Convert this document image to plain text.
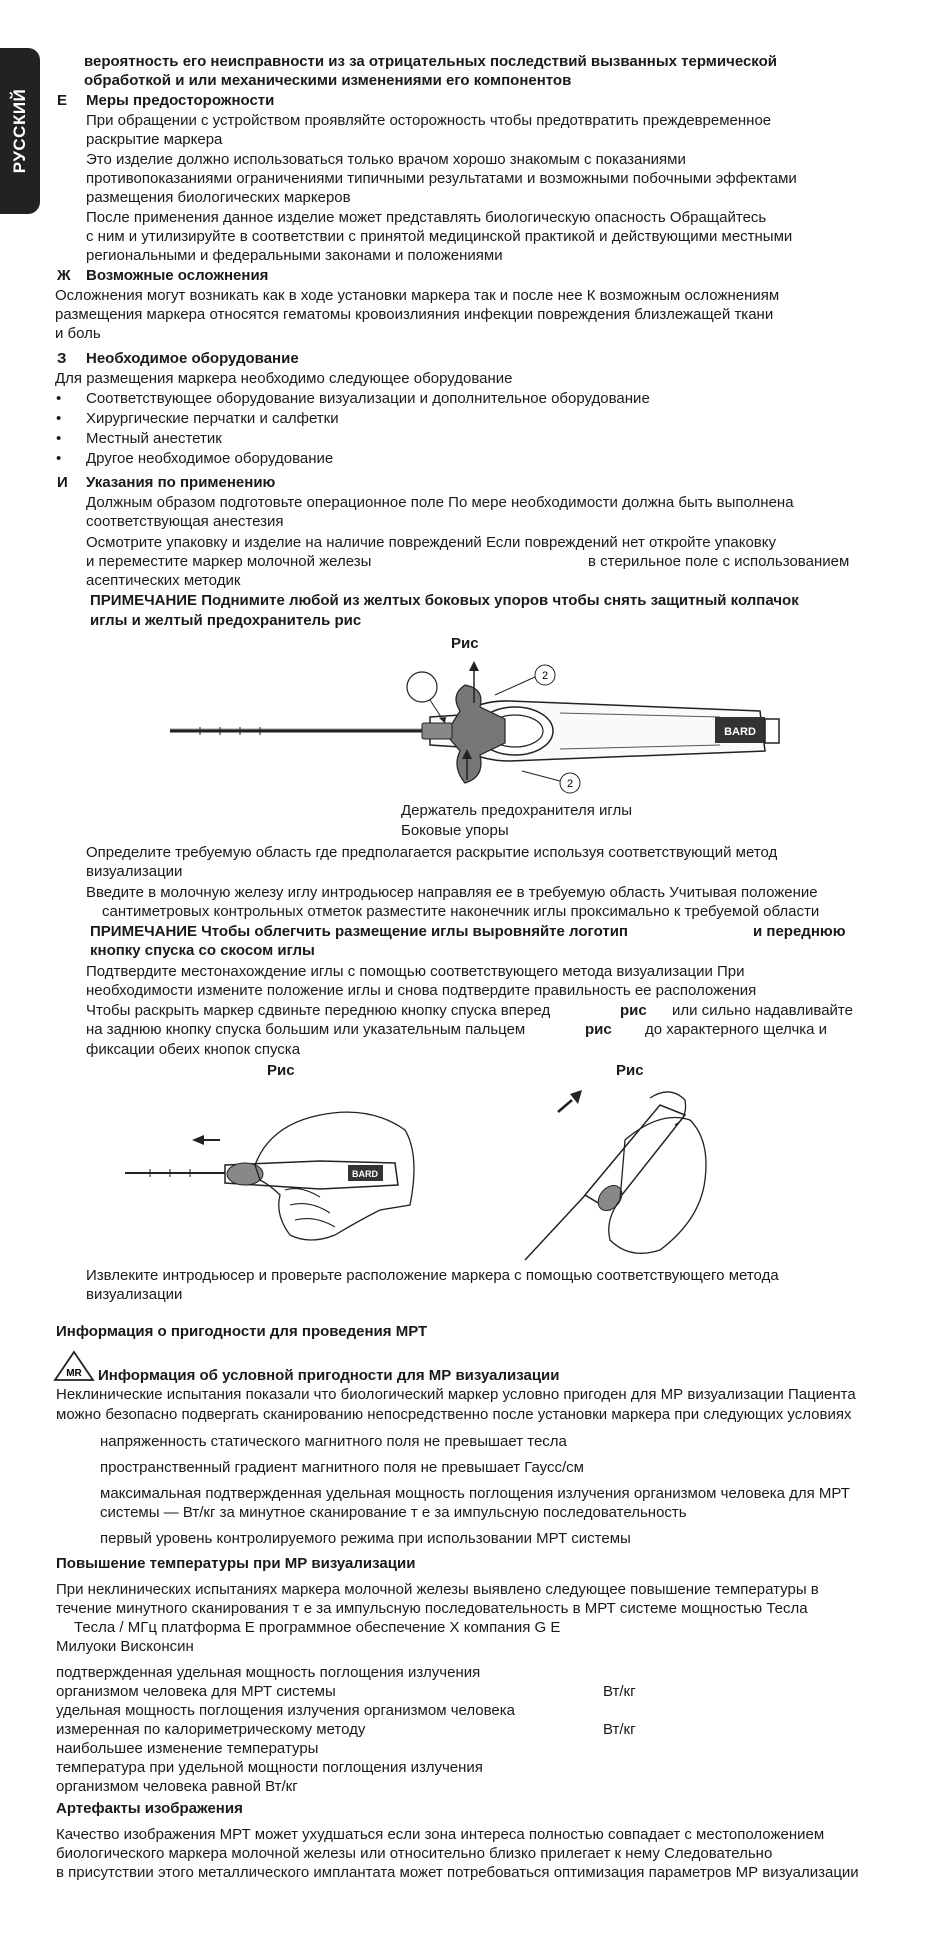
РУССКИЙ
вероятность его неисправности из за отрицательных последствий вызванных термической
обработкой и или механическими изменениями его компонентов
Е Меры предосторожности
При обращении с устройством проявляйте осторожность чтобы предотвратить преждевременное
раскрытие маркера
Это изделие должно использоваться только врачом хорошо знакомым с показаниями
противопоказаниями ограничениями типичными результатами и возможными побочными эффектами
размещения биологических маркеров
После применения данное изделие может представлять биологическую опасность Обращайтесь
с ним и утилизируйте в соответствии с принятой медицинской практикой и действующими местными
региональными и федеральными законами и положениями
Ж Возможные осложнения
Осложнения могут возникать как в ходе установки маркера так и после нее К возможным осложнениям
размещения маркера относятся гематомы кровоизлияния инфекции повреждения близлежащей ткани
и боль
З Необходимое оборудование
Для размещения маркера необходимо следующее оборудование
• Соответствующее оборудование визуализации и дополнительное оборудование
• Хирургические перчатки и салфетки
• Местный анестетик
• Другое необходимое оборудование
И Указания по применению
Должным образом подготовьте операционное поле По мере необходимости должна быть выполнена
соответствующая анестезия
Осмотрите упаковку и изделие на наличие повреждений Если повреждений нет откройте упаковку
и переместите маркер молочной железы	в стерильное поле с использованием
асептических методик
ПРИМЕЧАНИЕ Поднимите любой из желтых боковых упоров чтобы снять защитный колпачок
иглы и желтый предохранитель рис
Рис
BARD
2
2
Держатель предохранителя иглы
Боковые упоры
Определите требуемую область где предполагается раскрытие используя соответствующий метод
визуализации
Введите в молочную железу иглу интродьюсер направляя ее в требуемую область Учитывая положение
сантиметровых контрольных отметок разместите наконечник иглы проксимально к требуемой области
ПРИМЕЧАНИЕ Чтобы облегчить размещение иглы выровняйте логотип	и переднюю
кнопку спуска со скосом иглы
Подтвердите местонахождение иглы с помощью соответствующего метода визуализации При
необходимости измените положение иглы и снова подтвердите правильность ее расположения
Чтобы раскрыть маркер сдвиньте переднюю кнопку спуска вперед	рис или сильно надавливайте
на заднюю кнопку спуска большим или указательным пальцем	рис до характерного щелчка и
фиксации обеих кнопок спуска
Рис	Рис
BARD
Извлеките интродьюсер и проверьте расположение маркера с помощью соответствующего метода
визуализации
Информация о пригодности для проведения МРТ
MR Информация об условной пригодности для МР визуализации
Неклинические испытания показали что биологический маркер условно пригоден для МР визуализации Пациента
можно безопасно подвергать сканированию непосредственно после установки маркера при следующих условиях
напряженность статического магнитного поля не превышает тесла
пространственный градиент магнитного поля не превышает Гаусс/см
максимальная подтвержденная удельная мощность поглощения излучения организмом человека для МРТ
системы — Вт/кг за минутное сканирование т е за импульсную последовательность
первый уровень контролируемого режима при использовании МРТ системы
Повышение температуры при МР визуализации
При неклинических испытаниях маркера молочной железы выявлено следующее повышение температуры в
течение минутного сканирования т е за импульсную последовательность в МРТ системе мощностью Тесла
Тесла / МГц платформа E программное обеспечение X компания G E
Милуоки Висконсин
подтвержденная удельная мощность поглощения излучения
организмом человека для МРТ системы	Вт/кг
удельная мощность поглощения излучения организмом человека
измеренная по калориметрическому методу	Вт/кг
наибольшее изменение температуры
температура при удельной мощности поглощения излучения
организмом человека равной Вт/кг
Артефакты изображения
Качество изображения МРТ может ухудшаться если зона интереса полностью совпадает с местоположением
биологического маркера молочной железы или относительно близко прилегает к нему Следовательно
в присутствии этого металлического имплантата может потребоваться оптимизация параметров МР визуализации
